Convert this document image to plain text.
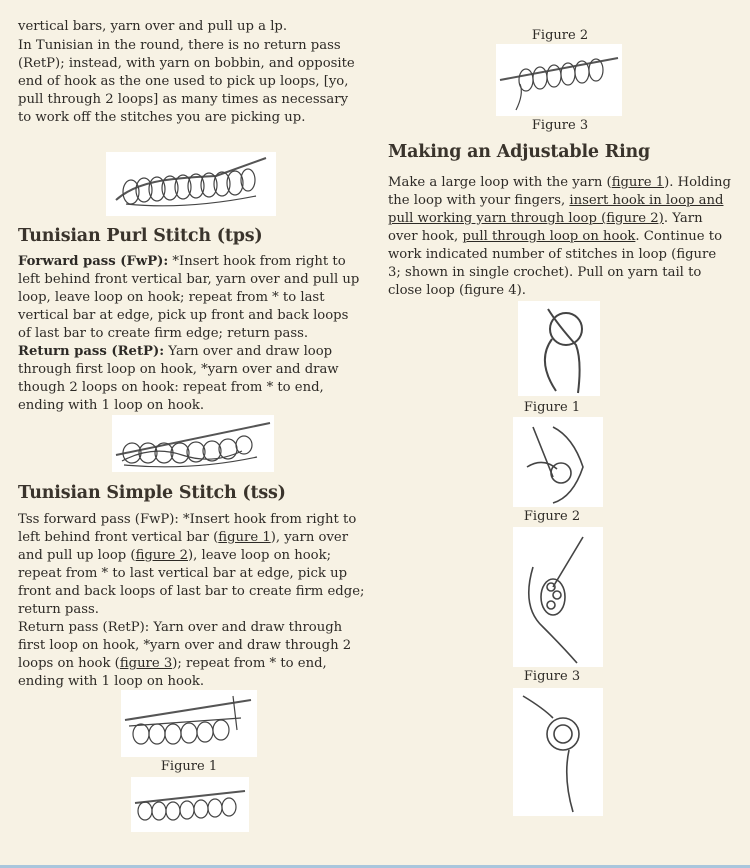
vertical bars, yarn over and pull up a lp.

In Tunisian in the round, there is no return pass (RetP); instead, with yarn on bobbin, and opposite end of hook as the one used to pick up loops, [yo, pull through 2 loops] as many times as necessary to work off the stitches you are picking up.

Tunisian Purl Stitch (tps)

Forward pass (FwP): *Insert hook from right to left behind front vertical bar, yarn over and pull up loop, leave loop on hook; repeat from * to last vertical bar at edge, pick up front and back loops of last bar to create firm edge; return pass.

Return pass (RetP): Yarn over and draw loop through first loop on hook, *yarn over and draw though 2 loops on hook: repeat from * to end, ending with 1 loop on hook.

Tunisian Simple Stitch (tss)

Tss forward pass (FwP): *Insert hook from right to left behind front vertical bar (figure 1), yarn over and pull up loop (figure 2), leave loop on hook; repeat from * to last vertical bar at edge, pick up front and back loops of last bar to create firm edge; return pass.

Return pass (RetP): Yarn over and draw through first loop on hook, *yarn over and draw through 2 loops on hook (figure 3); repeat from * to end, ending with 1 loop on hook.

Figure 1
Figure 2
Figure 3
Making an Adjustable Ring

Make a large loop with the yarn (figure 1). Holding the loop with your fingers, insert hook in loop and pull working yarn through loop (figure 2). Yarn over hook, pull through loop on hook. Continue to work indicated number of stitches in loop (figure 3; shown in single crochet). Pull on yarn tail to close loop (figure 4).

Figure 1
Figure 2
Figure 3
